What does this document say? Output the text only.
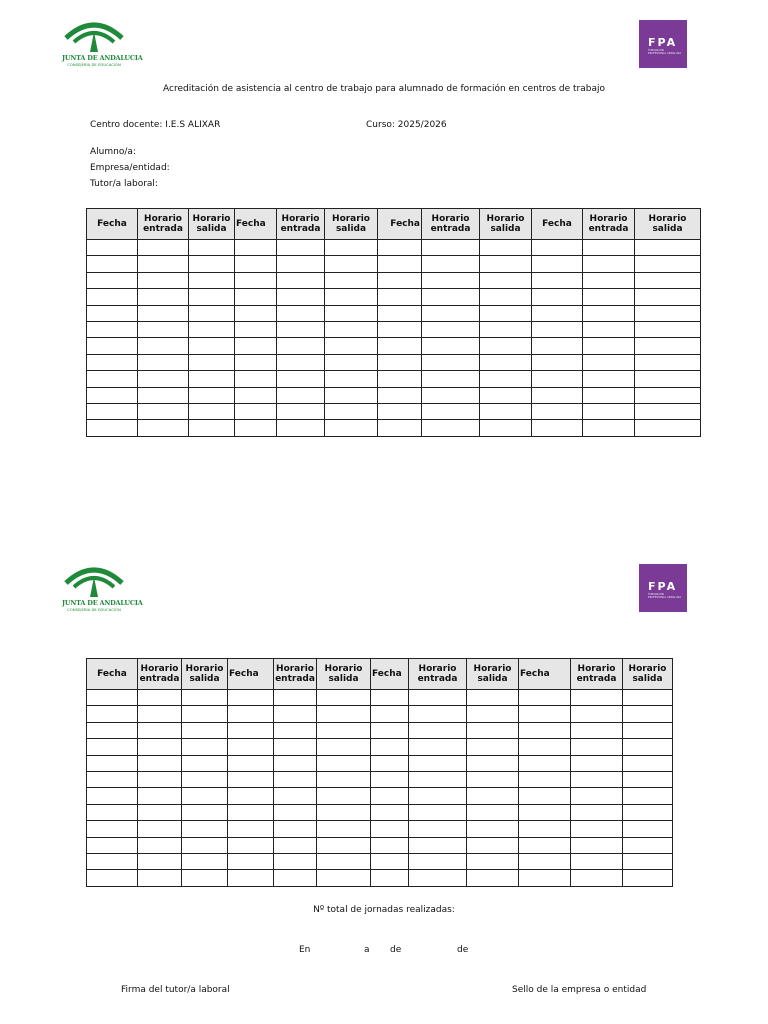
JUNTA DE ANDALUCIA
CONSEJERÍA DE EDUCACIÓN
FPA
FORMACIÓN PROFESIONAL ANDALUZA
Acreditación de asistencia al centro de trabajo para alumnado de formación en centros de trabajo
Centro docente: I.E.S ALIXAR	Curso: 2025/2026
Alumno/a:
Empresa/entidad:
Tutor/a laboral:
Fecha	Horario entrada	Horario salida	Fecha	Horario entrada	Horario salida	Fecha	Horario entrada	Horario salida	Fecha	Horario entrada	Horario salida

JUNTA DE ANDALUCIA
CONSEJERÍA DE EDUCACIÓN
FPA
FORMACIÓN PROFESIONAL ANDALUZA
Fecha	Horario entrada	Horario salida	Fecha	Horario entrada	Horario salida	Fecha	Horario entrada	Horario salida	Fecha	Horario entrada	Horario salida

Nº total de jornadas realizadas:
En	a de	de
Firma del tutor/a laboral	Sello de la empresa o entidad
